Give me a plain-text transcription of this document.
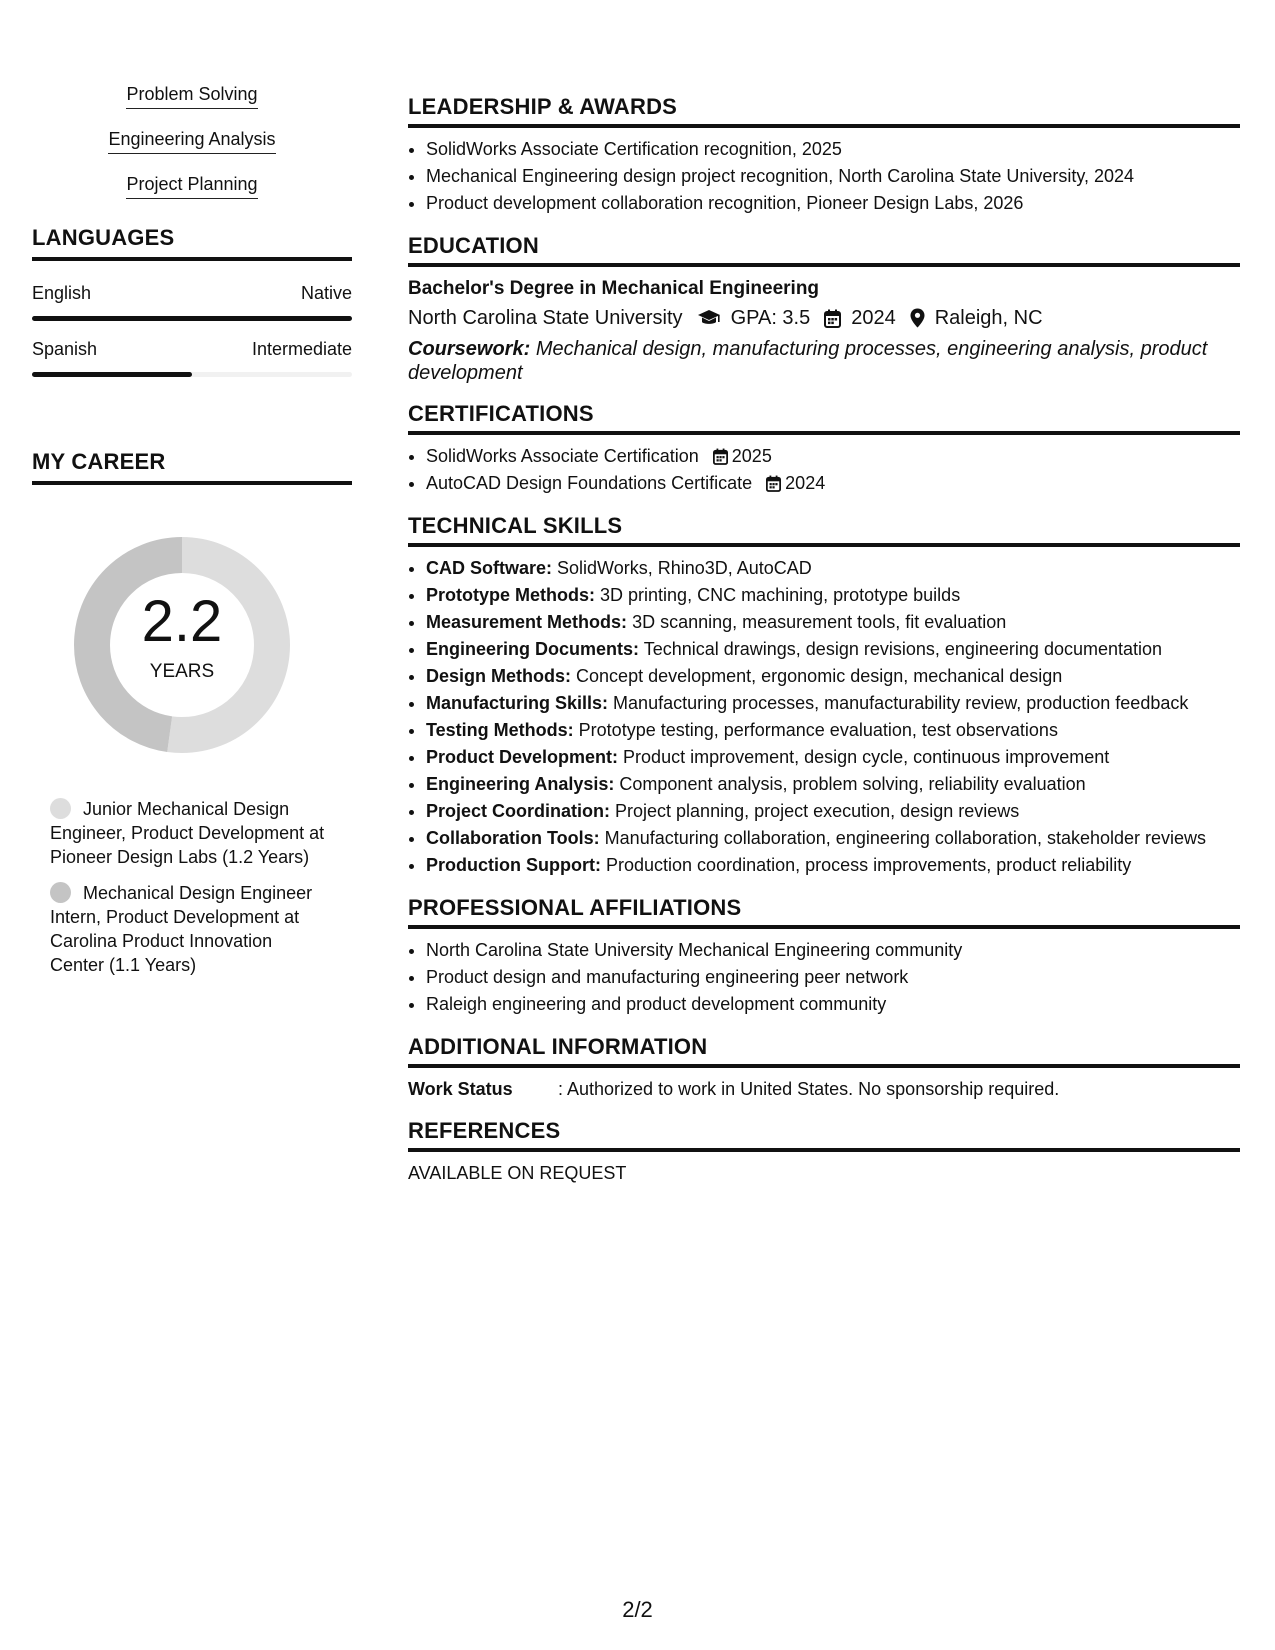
Problem Solving
Engineering Analysis
Project Planning
LANGUAGES
English	Native
Spanish	Intermediate
MY CAREER
2.2
YEARS
Junior Mechanical Design Engineer, Product Development at Pioneer Design Labs (1.2 Years)
Mechanical Design Engineer Intern, Product Development at Carolina Product Innovation Center (1.1 Years)
LEADERSHIP & AWARDS
• SolidWorks Associate Certification recognition, 2025
• Mechanical Engineering design project recognition, North Carolina State University, 2024
• Product development collaboration recognition, Pioneer Design Labs, 2026
EDUCATION
Bachelor's Degree in Mechanical Engineering
North Carolina State University GPA: 3.5 2024 Raleigh, NC
Coursework: Mechanical design, manufacturing processes, engineering analysis, product development
CERTIFICATIONS
• SolidWorks Associate Certification 2025
• AutoCAD Design Foundations Certificate 2024
TECHNICAL SKILLS
• CAD Software: SolidWorks, Rhino3D, AutoCAD
• Prototype Methods: 3D printing, CNC machining, prototype builds
• Measurement Methods: 3D scanning, measurement tools, fit evaluation
• Engineering Documents: Technical drawings, design revisions, engineering documentation
• Design Methods: Concept development, ergonomic design, mechanical design
• Manufacturing Skills: Manufacturing processes, manufacturability review, production feedback
• Testing Methods: Prototype testing, performance evaluation, test observations
• Product Development: Product improvement, design cycle, continuous improvement
• Engineering Analysis: Component analysis, problem solving, reliability evaluation
• Project Coordination: Project planning, project execution, design reviews
• Collaboration Tools: Manufacturing collaboration, engineering collaboration, stakeholder reviews
• Production Support: Production coordination, process improvements, product reliability
PROFESSIONAL AFFILIATIONS
• North Carolina State University Mechanical Engineering community
• Product design and manufacturing engineering peer network
• Raleigh engineering and product development community
ADDITIONAL INFORMATION
Work Status	: Authorized to work in United States. No sponsorship required.
REFERENCES
AVAILABLE ON REQUEST
2/2
